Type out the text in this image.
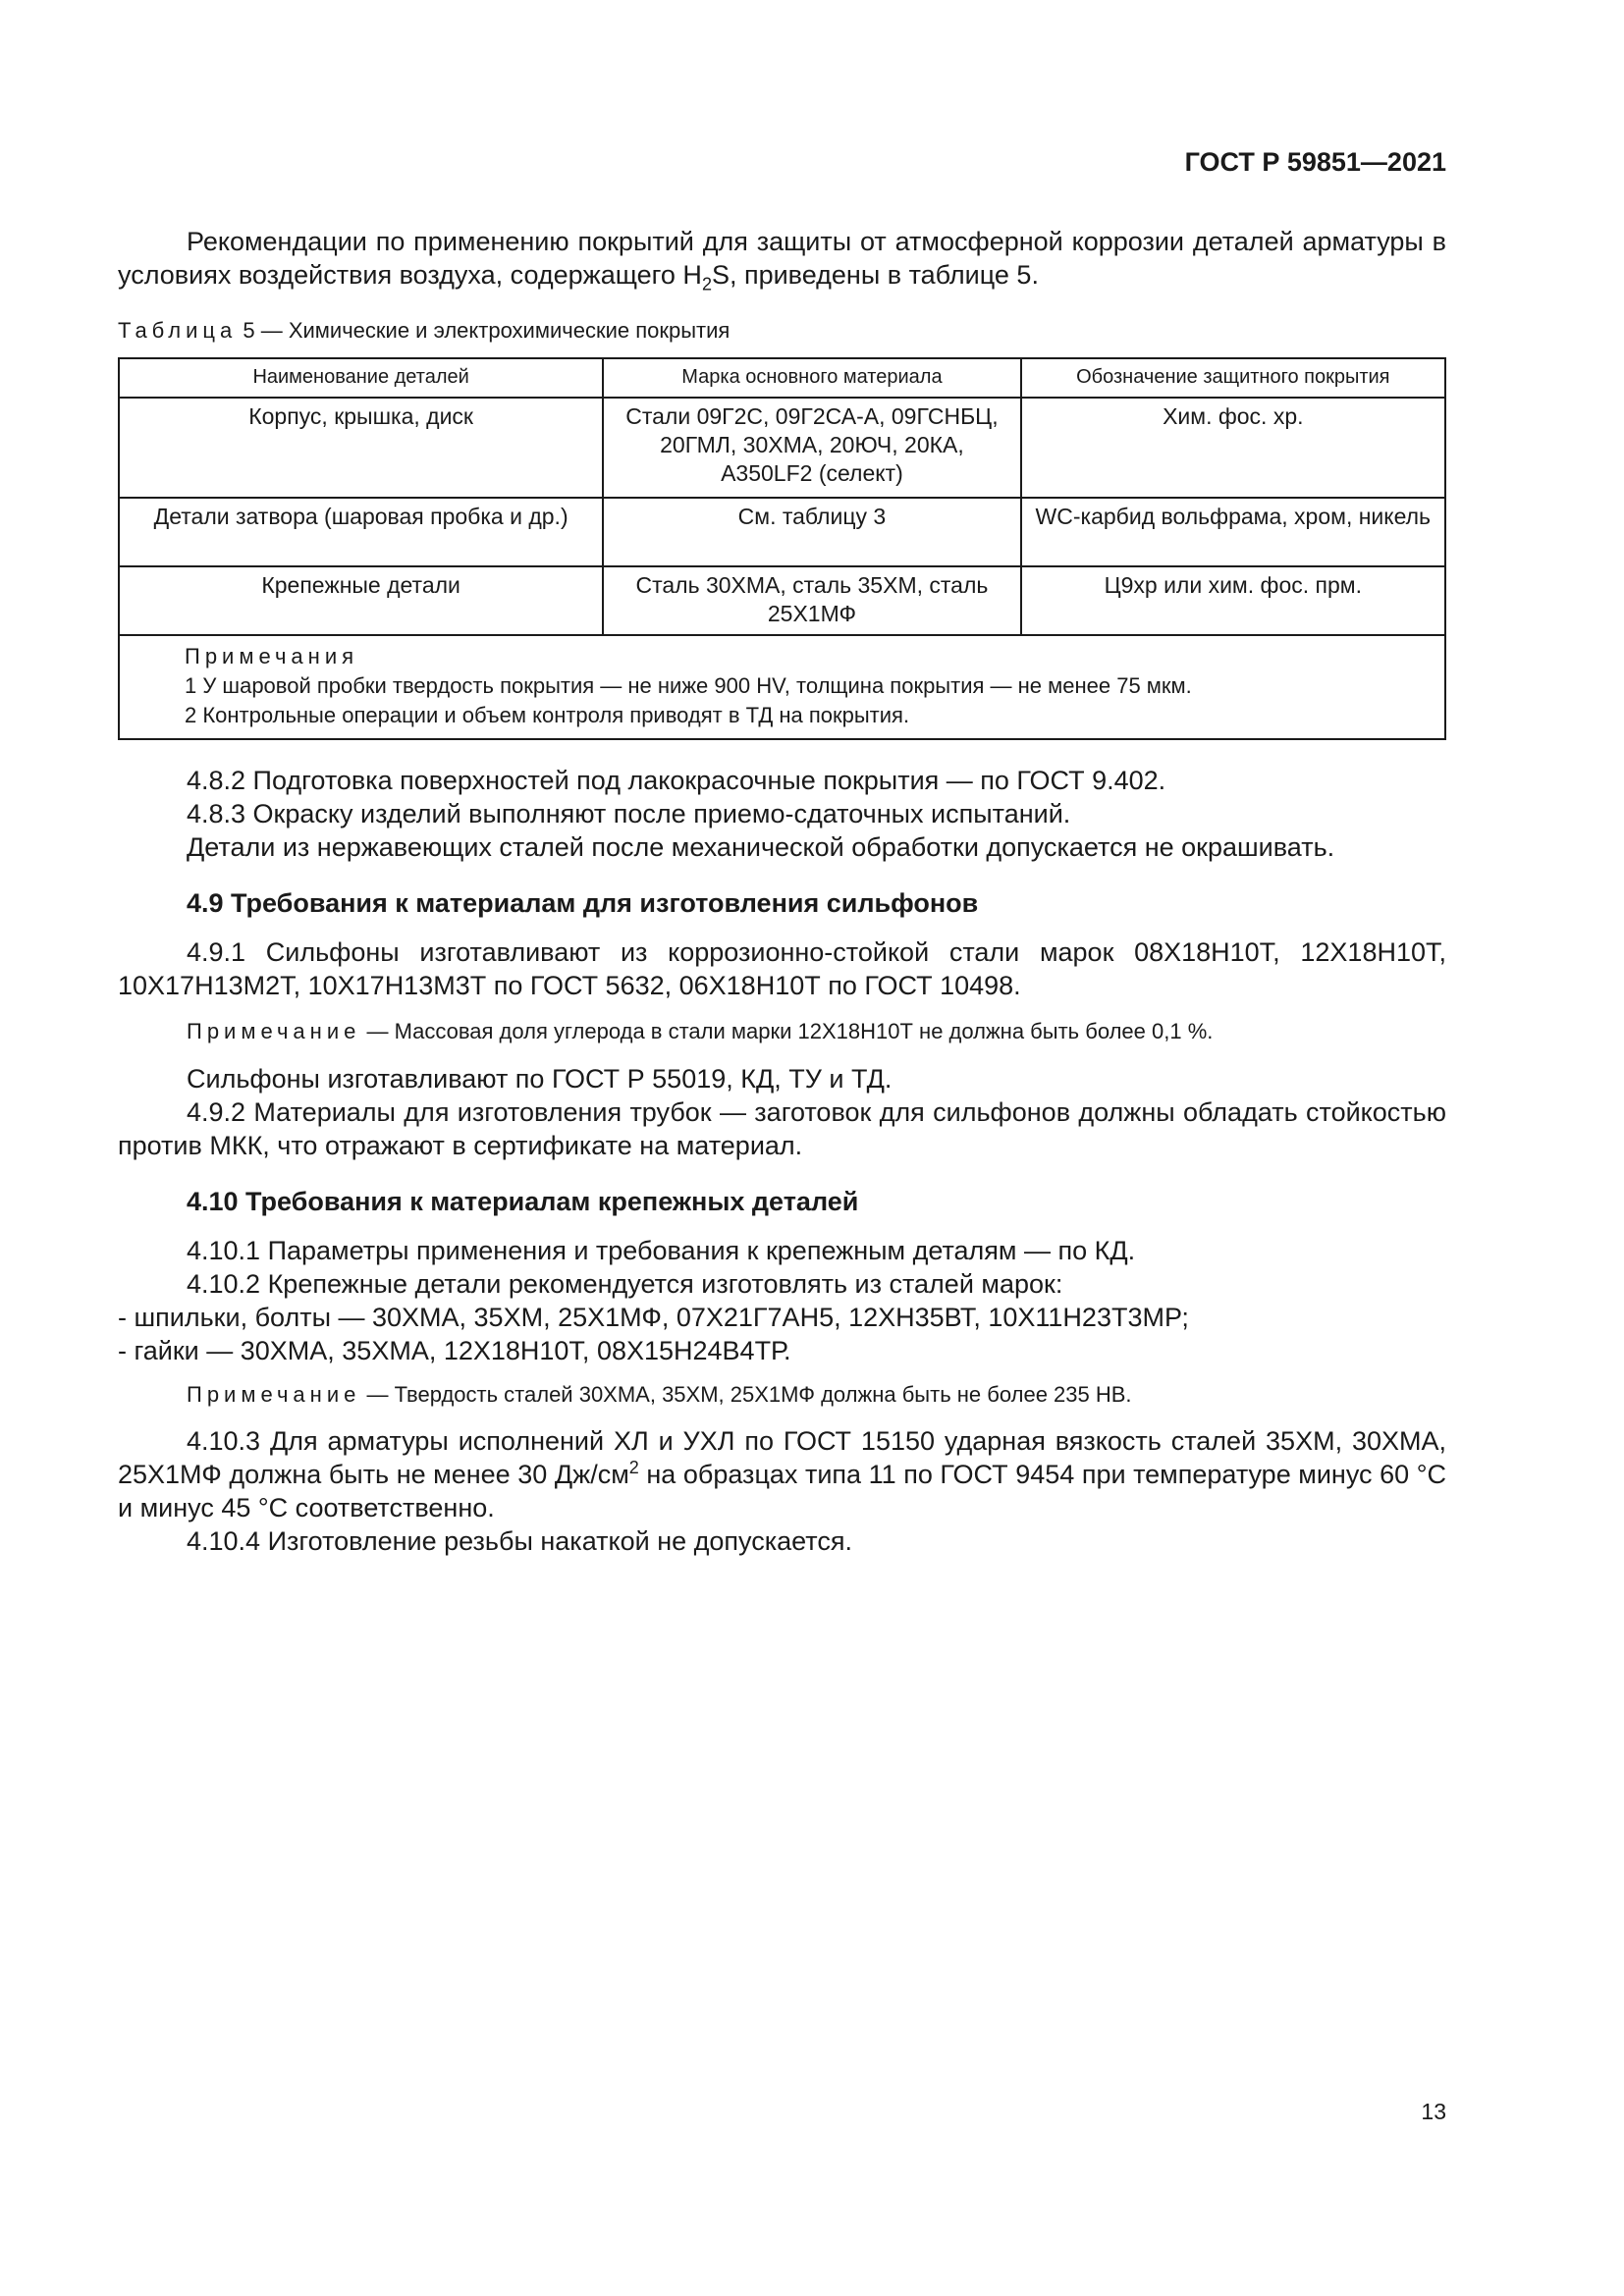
ГОСТ Р 59851—2021

Рекомендации по применению покрытий для защиты от атмосферной коррозии деталей арматуры в условиях воздействия воздуха, содержащего $H_2S$, приведены в таблице 5.

Таблица 5 — Химические и электрохимические покрытия
Наименование деталей	Марка основного материала	Обозначение защитного покрытия
Корпус, крышка, диск	Стали 09Г2С, 09Г2СА-А, 09ГСНБЦ, 20ГМЛ, 30ХМА, 20ЮЧ, 20КА, A350LF2 (селект)	Хим. фос. хр.
Детали затвора (шаровая пробка и др.)	См. таблицу 3	WC-карбид вольфрама, хром, никель
Крепежные детали	Сталь 30ХМА, сталь 35ХМ, сталь 25Х1МФ	Ц9хр или хим. фос. прм.

Примечания
1 У шаровой пробки твердость покрытия — не ниже 900 HV, толщина покрытия — не менее 75 мкм.
2 Контрольные операции и объем контроля приводят в ТД на покрытия.		

4.8.2 Подготовка поверхностей под лакокрасочные покрытия — по ГОСТ 9.402.

4.8.3 Окраску изделий выполняют после приемо-сдаточных испытаний.

Детали из нержавеющих сталей после механической обработки допускается не окрашивать.

4.9 Требования к материалам для изготовления сильфонов

4.9.1 Сильфоны изготавливают из коррозионно-стойкой стали марок 08Х18Н10Т, 12Х18Н10Т, 10Х17Н13М2Т, 10Х17Н13М3Т по ГОСТ 5632, 06Х18Н10Т по ГОСТ 10498.

Примечание — Массовая доля углерода в стали марки 12Х18Н10Т не должна быть более 0,1 %.

Сильфоны изготавливают по ГОСТ Р 55019, КД, ТУ и ТД.

4.9.2 Материалы для изготовления трубок — заготовок для сильфонов должны обладать стойкостью против МКК, что отражают в сертификате на материал.

4.10 Требования к материалам крепежных деталей

4.10.1 Параметры применения и требования к крепежным деталям — по КД.

4.10.2 Крепежные детали рекомендуется изготовлять из сталей марок:

- шпильки, болты — 30ХМА, 35ХМ, 25Х1МФ, 07Х21Г7АН5, 12ХН35ВТ, 10Х11Н23Т3МР;

- гайки — 30ХМА, 35ХМА, 12Х18Н10Т, 08Х15Н24В4ТР.

Примечание — Твердость сталей 30ХМА, 35ХМ, 25Х1МФ должна быть не более 235 НВ.

4.10.3 Для арматуры исполнений ХЛ и УХЛ по ГОСТ 15150 ударная вязкость сталей 35ХМ, 30ХМА, 25Х1МФ должна быть не менее 30 $Дж/см^2$ на образцах типа 11 по ГОСТ 9454 при температуре минус 60 °С и минус 45 °С соответственно.

4.10.4 Изготовление резьбы накаткой не допускается.

13
